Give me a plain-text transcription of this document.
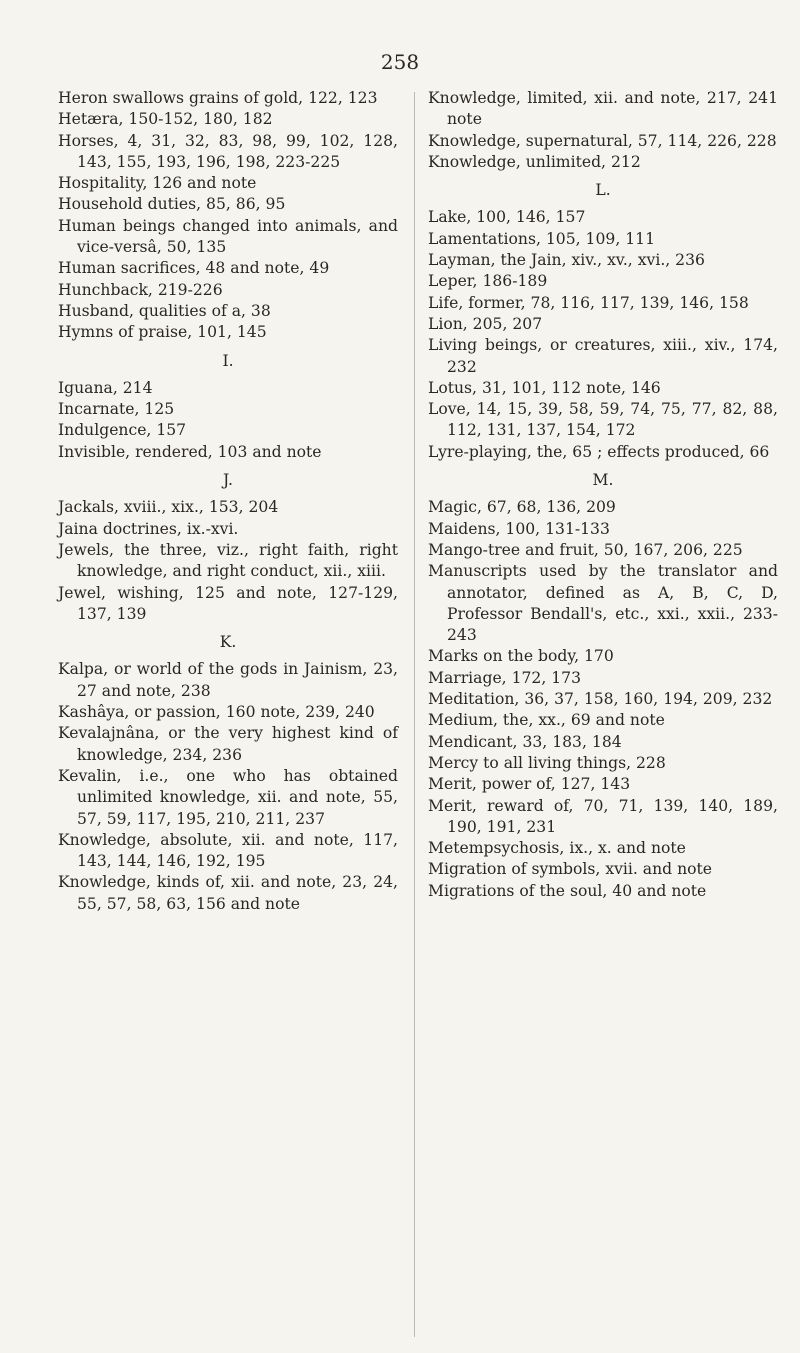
258
Heron swallows grains of gold, 122, 123
Hetæra, 150-152, 180, 182
Horses, 4, 31, 32, 83, 98, 99, 102, 128, 143, 155, 193, 196, 198, 223-225
Hospitality, 126 and note
Household duties, 85, 86, 95
Human beings changed into animals, and vice-versâ, 50, 135
Human sacrifices, 48 and note, 49
Hunchback, 219-226
Husband, qualities of a, 38
Hymns of praise, 101, 145
I.
Iguana, 214
Incarnate, 125
Indulgence, 157
Invisible, rendered, 103 and note
J.
Jackals, xviii., xix., 153, 204
Jaina doctrines, ix.-xvi.
Jewels, the three, viz., right faith, right knowledge, and right conduct, xii., xiii.
Jewel, wishing, 125 and note, 127-129, 137, 139
K.
Kalpa, or world of the gods in Jainism, 23, 27 and note, 238
Kashâya, or passion, 160 note, 239, 240
Kevalajnâna, or the very highest kind of knowledge, 234, 236
Kevalin, i.e., one who has obtained unlimited knowledge, xii. and note, 55, 57, 59, 117, 195, 210, 211, 237
Knowledge, absolute, xii. and note, 117, 143, 144, 146, 192, 195
Knowledge, kinds of, xii. and note, 23, 24, 55, 57, 58, 63, 156 and note
Knowledge, limited, xii. and note, 217, 241 note
Knowledge, supernatural, 57, 114, 226, 228
Knowledge, unlimited, 212
L.
Lake, 100, 146, 157
Lamentations, 105, 109, 111
Layman, the Jain, xiv., xv., xvi., 236
Leper, 186-189
Life, former, 78, 116, 117, 139, 146, 158
Lion, 205, 207
Living beings, or creatures, xiii., xiv., 174, 232
Lotus, 31, 101, 112 note, 146
Love, 14, 15, 39, 58, 59, 74, 75, 77, 82, 88, 112, 131, 137, 154, 172
Lyre-playing, the, 65 ; effects produced, 66
M.
Magic, 67, 68, 136, 209
Maidens, 100, 131-133
Mango-tree and fruit, 50, 167, 206, 225
Manuscripts used by the translator and annotator, defined as A, B, C, D, Professor Bendall's, etc., xxi., xxii., 233-243
Marks on the body, 170
Marriage, 172, 173
Meditation, 36, 37, 158, 160, 194, 209, 232
Medium, the, xx., 69 and note
Mendicant, 33, 183, 184
Mercy to all living things, 228
Merit, power of, 127, 143
Merit, reward of, 70, 71, 139, 140, 189, 190, 191, 231
Metempsychosis, ix., x. and note
Migration of symbols, xvii. and note
Migrations of the soul, 40 and note
